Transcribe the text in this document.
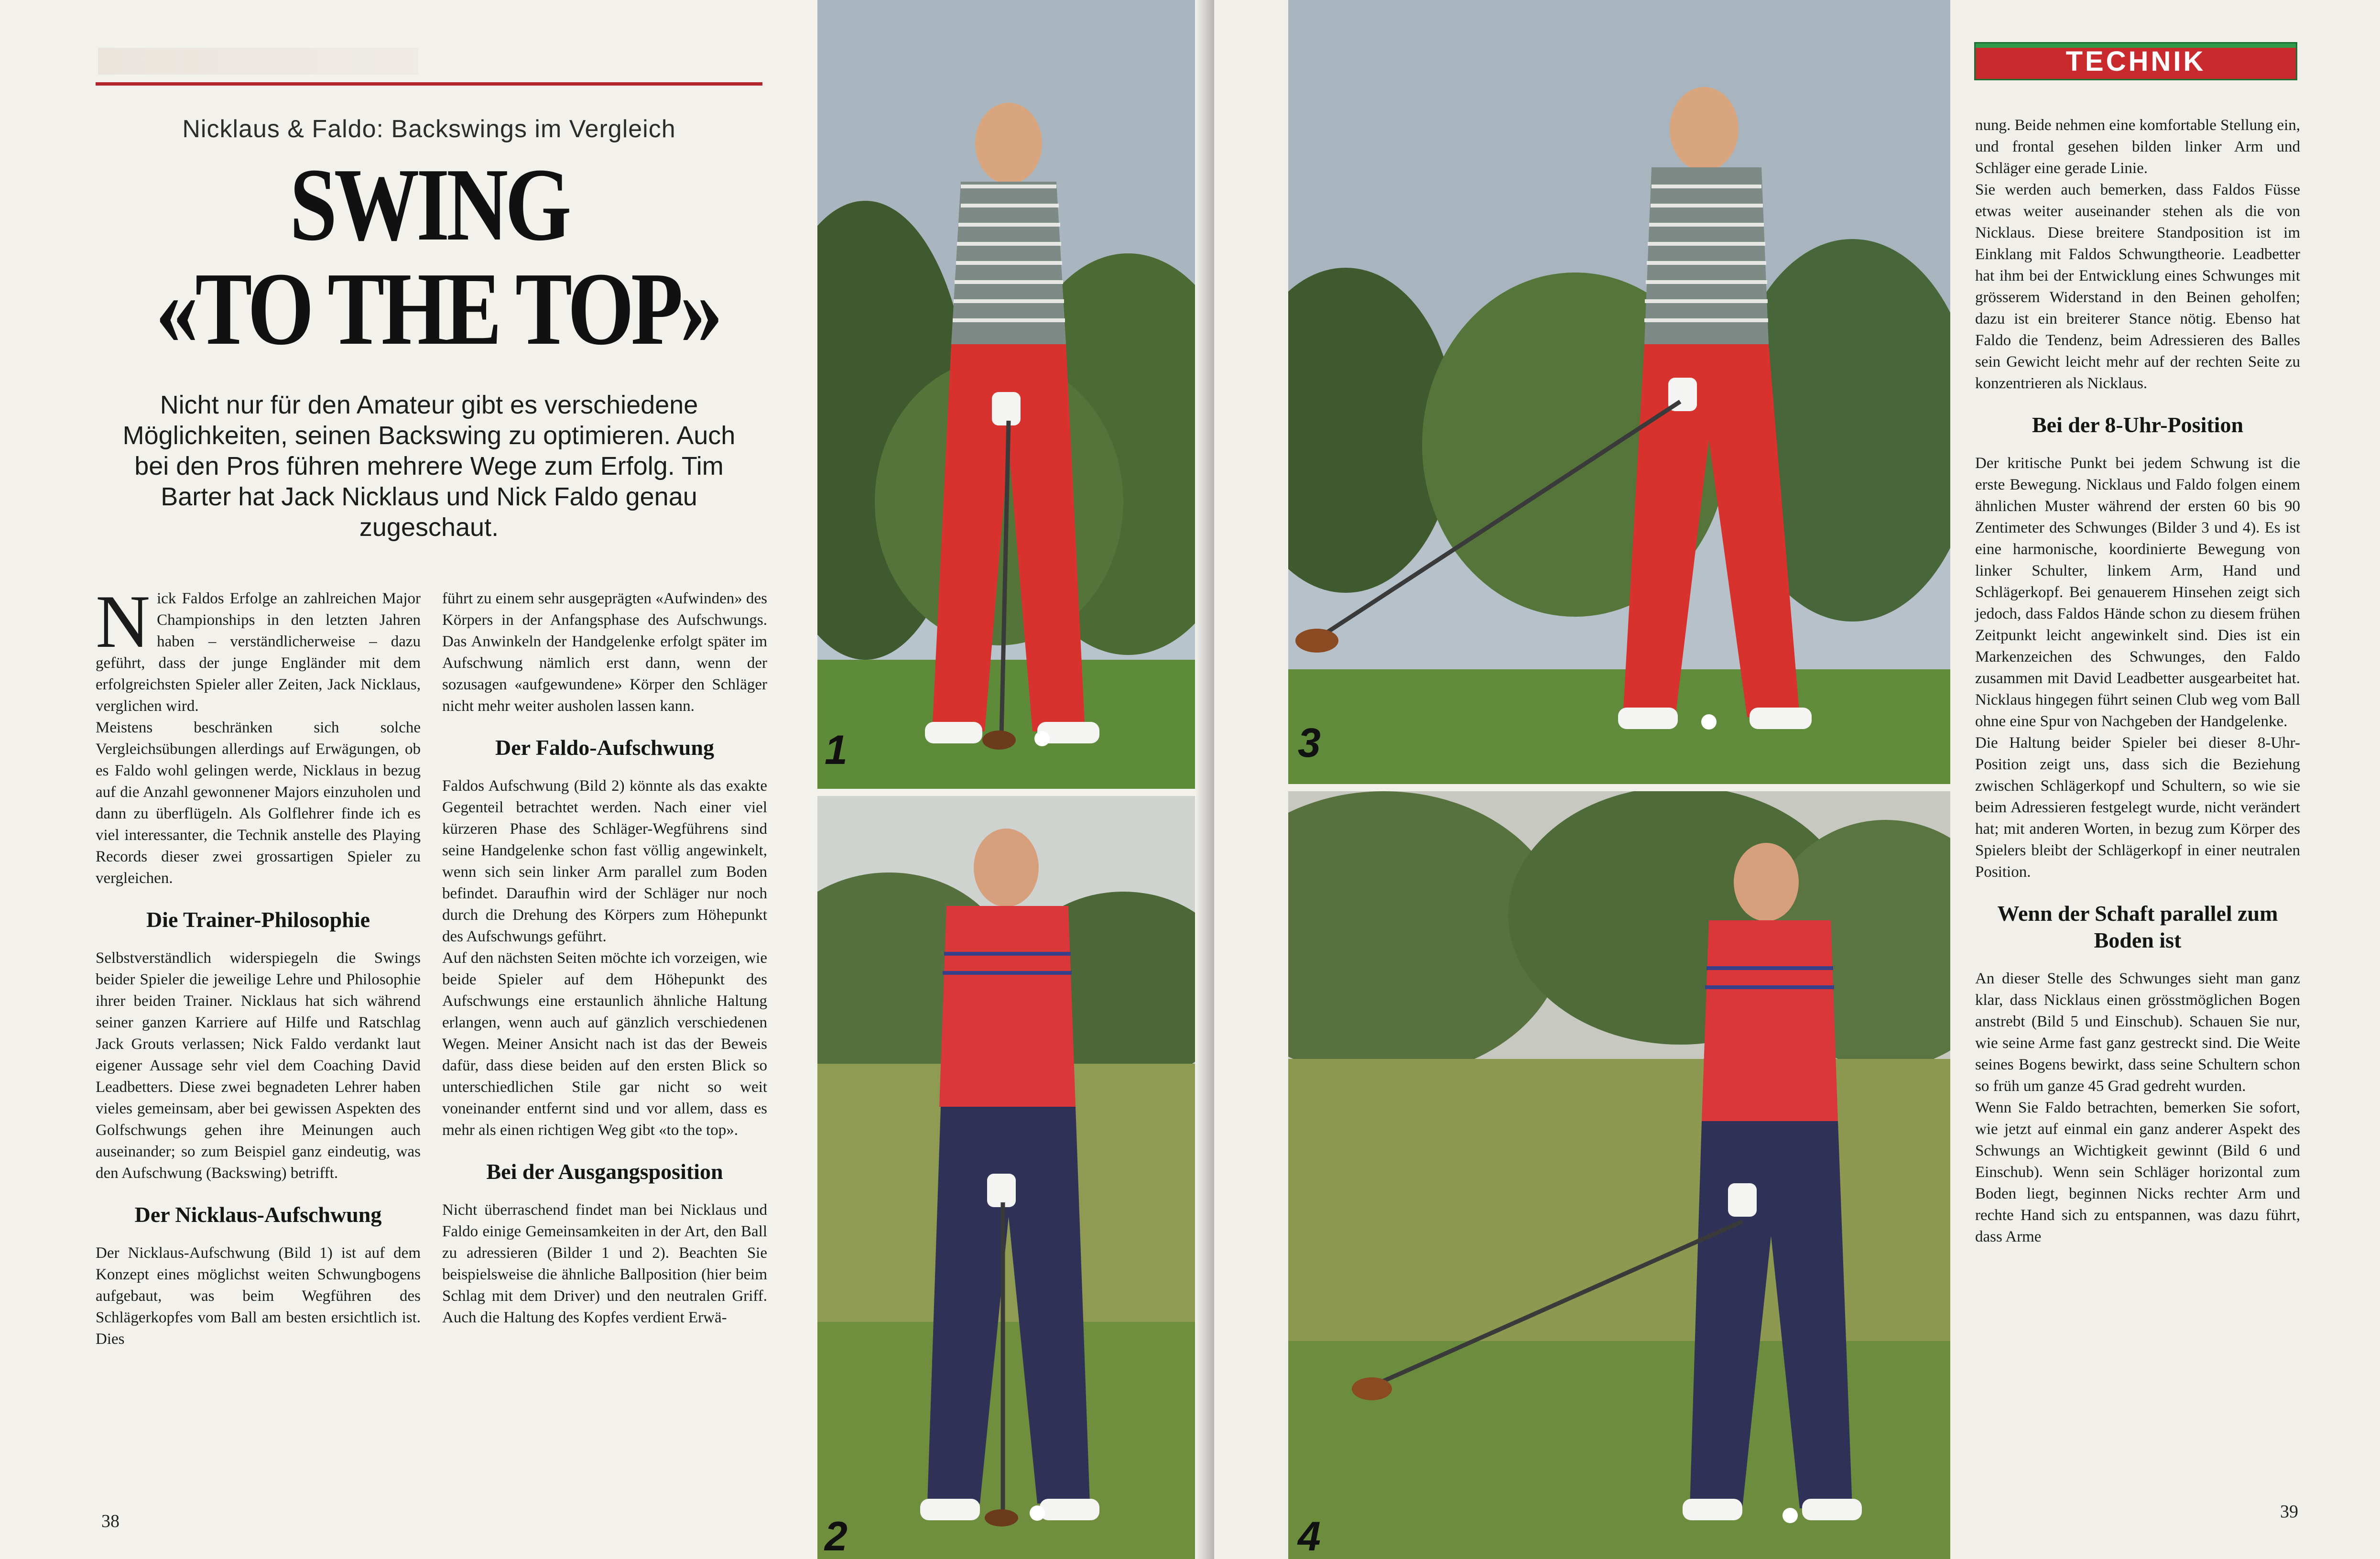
Nicklaus & Faldo: Backswings im Vergleich
SWING
«TO THE TOP»
Nicht nur für den Amateur gibt es verschiedene Möglichkeiten, seinen Backswing zu optimieren. Auch bei den Pros führen mehrere Wege zum Erfolg. Tim Barter hat Jack Nicklaus und Nick Faldo genau zugeschaut.

Nick Faldos Erfolge an zahlreichen Major Championships in den letzten Jahren haben – verständlicherweise – dazu geführt, dass der junge Engländer mit dem erfolgreichsten Spieler aller Zeiten, Jack Nicklaus, verglichen wird.

Meistens beschränken sich solche Vergleichsübungen allerdings auf Erwägungen, ob es Faldo wohl gelingen werde, Nicklaus in bezug auf die Anzahl gewonnener Majors einzuholen und dann zu überflügeln. Als Golflehrer finde ich es viel interessanter, die Technik anstelle des Playing Records dieser zwei grossartigen Spieler zu vergleichen.

Die Trainer-Philosophie

Selbstverständlich widerspiegeln die Swings beider Spieler die jeweilige Lehre und Philosophie ihrer beiden Trainer. Nicklaus hat sich während seiner ganzen Karriere auf Hilfe und Ratschlag Jack Grouts verlassen; Nick Faldo verdankt laut eigener Aussage sehr viel dem Coaching David Leadbetters. Diese zwei begnadeten Lehrer haben vieles gemeinsam, aber bei gewissen Aspekten des Golfschwungs gehen ihre Meinungen auch auseinander; so zum Beispiel ganz eindeutig, was den Aufschwung (Backswing) betrifft.

Der Nicklaus-Aufschwung

Der Nicklaus-Aufschwung (Bild 1) ist auf dem Konzept eines möglichst weiten Schwungbogens aufgebaut, was beim Wegführen des Schlägerkopfes vom Ball am besten ersichtlich ist. Dies

führt zu einem sehr ausgeprägten «Aufwinden» des Körpers in der Anfangsphase des Aufschwungs. Das Anwinkeln der Handgelenke erfolgt später im Aufschwung nämlich erst dann, wenn der sozusagen «aufgewundene» Körper den Schläger nicht mehr weiter ausholen lassen kann.

Der Faldo-Aufschwung

Faldos Aufschwung (Bild 2) könnte als das exakte Gegenteil betrachtet werden. Nach einer viel kürzeren Phase des Schläger-Wegführens sind seine Handgelenke schon fast völlig angewinkelt, wenn sich sein linker Arm parallel zum Boden befindet. Daraufhin wird der Schläger nur noch durch die Drehung des Körpers zum Höhepunkt des Aufschwungs geführt.

Auf den nächsten Seiten möchte ich vorzeigen, wie beide Spieler auf dem Höhepunkt des Aufschwungs eine erstaunlich ähnliche Haltung erlangen, wenn auch auf gänzlich verschiedenen Wegen. Meiner Ansicht nach ist das der Beweis dafür, dass diese beiden auf den ersten Blick so unterschiedlichen Stile gar nicht so weit voneinander entfernt sind und vor allem, dass es mehr als einen richtigen Weg gibt «to the top».

Bei der Ausgangsposition

Nicht überraschend findet man bei Nicklaus und Faldo einige Gemeinsamkeiten in der Art, den Ball zu adressieren (Bilder 1 und 2). Beachten Sie beispielsweise die ähnliche Ballposition (hier beim Schlag mit dem Driver) und den neutralen Griff. Auch die Haltung des Kopfes verdient Erwä-

38
1
2
3
4

nung. Beide nehmen eine komfortable Stellung ein, und frontal gesehen bilden linker Arm und Schläger eine gerade Linie.

Sie werden auch bemerken, dass Faldos Füsse etwas weiter auseinander stehen als die von Nicklaus. Diese breitere Standposition ist im Einklang mit Faldos Schwungtheorie. Leadbetter hat ihm bei der Entwicklung eines Schwunges mit grösserem Widerstand in den Beinen geholfen; dazu ist ein breiterer Stance nötig. Ebenso hat Faldo die Tendenz, beim Adressieren des Balles sein Gewicht leicht mehr auf der rechten Seite zu konzentrieren als Nicklaus.

Bei der 8-Uhr-Position

Der kritische Punkt bei jedem Schwung ist die erste Bewegung. Nicklaus und Faldo folgen einem ähnlichen Muster während der ersten 60 bis 90 Zentimeter des Schwunges (Bilder 3 und 4). Es ist eine harmonische, koordinierte Bewegung von linker Schulter, linkem Arm, Hand und Schlägerkopf. Bei genauerem Hinsehen zeigt sich jedoch, dass Faldos Hände schon zu diesem frühen Zeitpunkt leicht angewinkelt sind. Dies ist ein Markenzeichen des Schwunges, den Faldo zusammen mit David Leadbetter ausgearbeitet hat. Nicklaus hingegen führt seinen Club weg vom Ball ohne eine Spur von Nachgeben der Handgelenke.

Die Haltung beider Spieler bei dieser 8-Uhr-Position zeigt uns, dass sich die Beziehung zwischen Schlägerkopf und Schultern, so wie sie beim Adressieren festgelegt wurde, nicht verändert hat; mit anderen Worten, in bezug zum Körper des Spielers bleibt der Schlägerkopf in einer neutralen Position.

Wenn der Schaft parallel zum Boden ist

An dieser Stelle des Schwunges sieht man ganz klar, dass Nicklaus einen grösstmöglichen Bogen anstrebt (Bild 5 und Einschub). Schauen Sie nur, wie seine Arme fast ganz gestreckt sind. Die Weite seines Bogens bewirkt, dass seine Schultern schon so früh um ganze 45 Grad gedreht wurden.

Wenn Sie Faldo betrachten, bemerken Sie sofort, wie jetzt auf einmal ein ganz anderer Aspekt des Schwungs an Wichtigkeit gewinnt (Bild 6 und Einschub). Wenn sein Schläger horizontal zum Boden liegt, beginnen Nicks rechter Arm und rechte Hand sich zu entspannen, was dazu führt, dass Arme

39
TECHNIK
